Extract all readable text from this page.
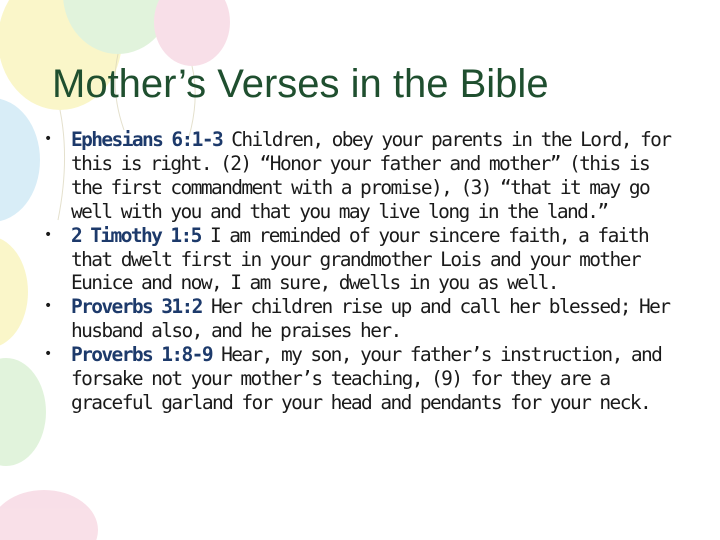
Mother’s Verses in the Bible
• Ephesians 6:1-3 Children, obey your parents in the Lord, for this is right. (2) “Honor your father and mother” (this is the first commandment with a promise), (3) “that it may go well with you and that you may live long in the land.”
• 2 Timothy 1:5 I am reminded of your sincere faith, a faith that dwelt first in your grandmother Lois and your mother Eunice and now, I am sure, dwells in you as well.
• Proverbs 31:2 Her children rise up and call her blessed; Her husband also, and he praises her.
• Proverbs 1:8-9 Hear, my son, your father’s instruction, and forsake not your mother’s teaching, (9) for they are a graceful garland for your head and pendants for your neck.
